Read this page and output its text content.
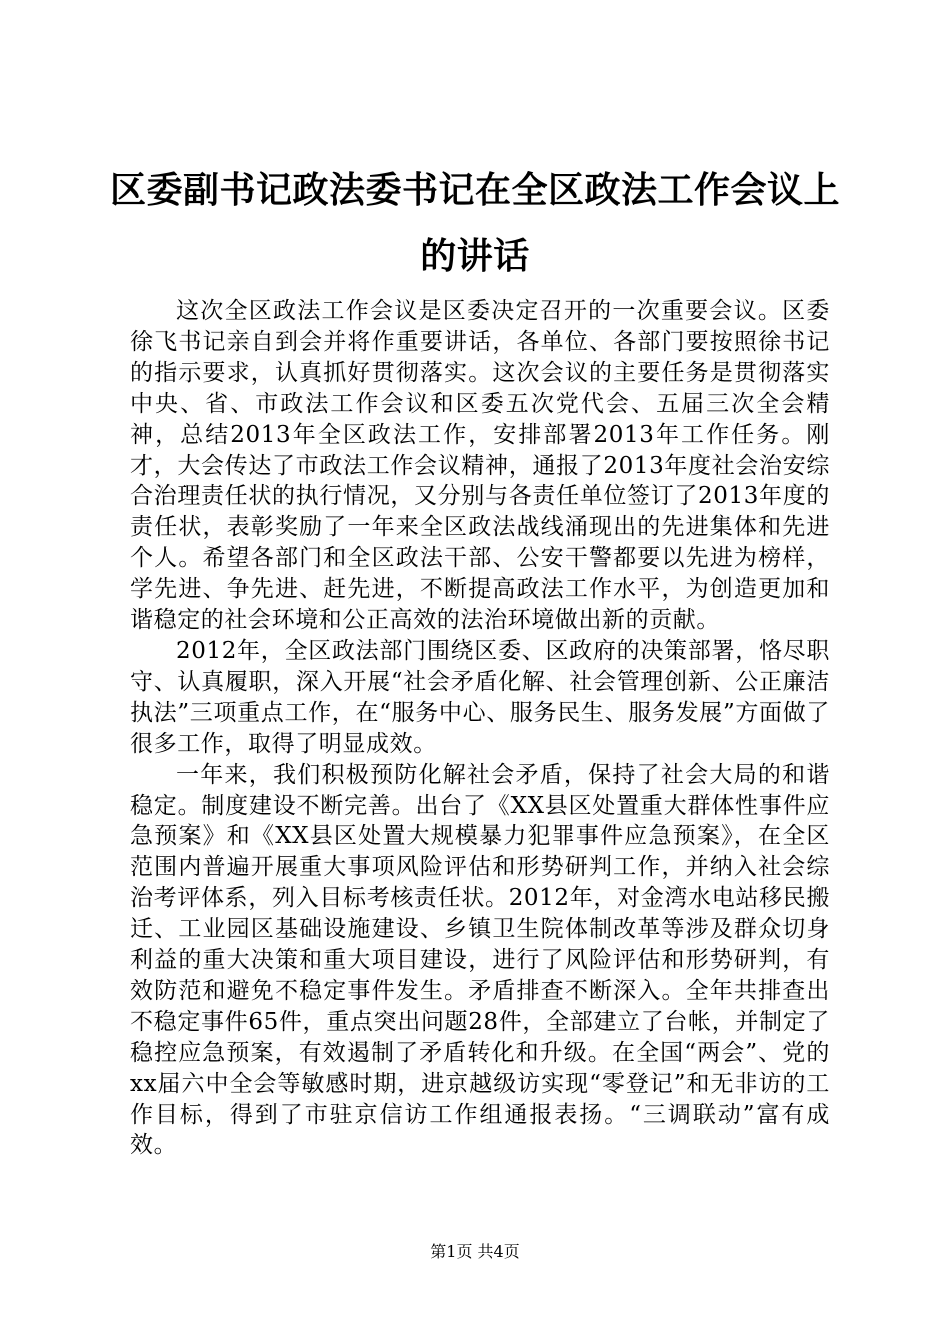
区委副书记政法委书记在全区政法工作会议上
的讲话

这次全区政法工作会议是区委决定召开的一次重要会议。区委徐飞书记亲自到会并将作重要讲话，各单位、各部门要按照徐书记的指示要求，认真抓好贯彻落实。这次会议的主要任务是贯彻落实中央、省、市政法工作会议和区委五次党代会、五届三次全会精神，总结2013年全区政法工作，安排部署2013年工作任务。刚才，大会传达了市政法工作会议精神，通报了2013年度社会治安综合治理责任状的执行情况，又分别与各责任单位签订了2013年度的责任状，表彰奖励了一年来全区政法战线涌现出的先进集体和先进个人。希望各部门和全区政法干部、公安干警都要以先进为榜样，学先进、争先进、赶先进，不断提高政法工作水平，为创造更加和谐稳定的社会环境和公正高效的法治环境做出新的贡献。

2012年，全区政法部门围绕区委、区政府的决策部署，恪尽职守、认真履职，深入开展“社会矛盾化解、社会管理创新、公正廉洁执法”三项重点工作，在“服务中心、服务民生、服务发展”方面做了很多工作，取得了明显成效。

一年来，我们积极预防化解社会矛盾，保持了社会大局的和谐稳定。制度建设不断完善。出台了《XX县区处置重大群体性事件应急预案》和《XX县区处置大规模暴力犯罪事件应急预案》，在全区范围内普遍开展重大事项风险评估和形势研判工作，并纳入社会综治考评体系，列入目标考核责任状。2012年，对金湾水电站移民搬迁、工业园区基础设施建设、乡镇卫生院体制改革等涉及群众切身利益的重大决策和重大项目建设，进行了风险评估和形势研判，有效防范和避免不稳定事件发生。矛盾排查不断深入。全年共排查出不稳定事件65件，重点突出问题28件，全部建立了台帐，并制定了稳控应急预案，有效遏制了矛盾转化和升级。在全国“两会”、党的xx届六中全会等敏感时期，进京越级访实现“零登记”和无非访的工作目标，得到了市驻京信访工作组通报表扬。“三调联动”富有成效。

第1页 共4页
